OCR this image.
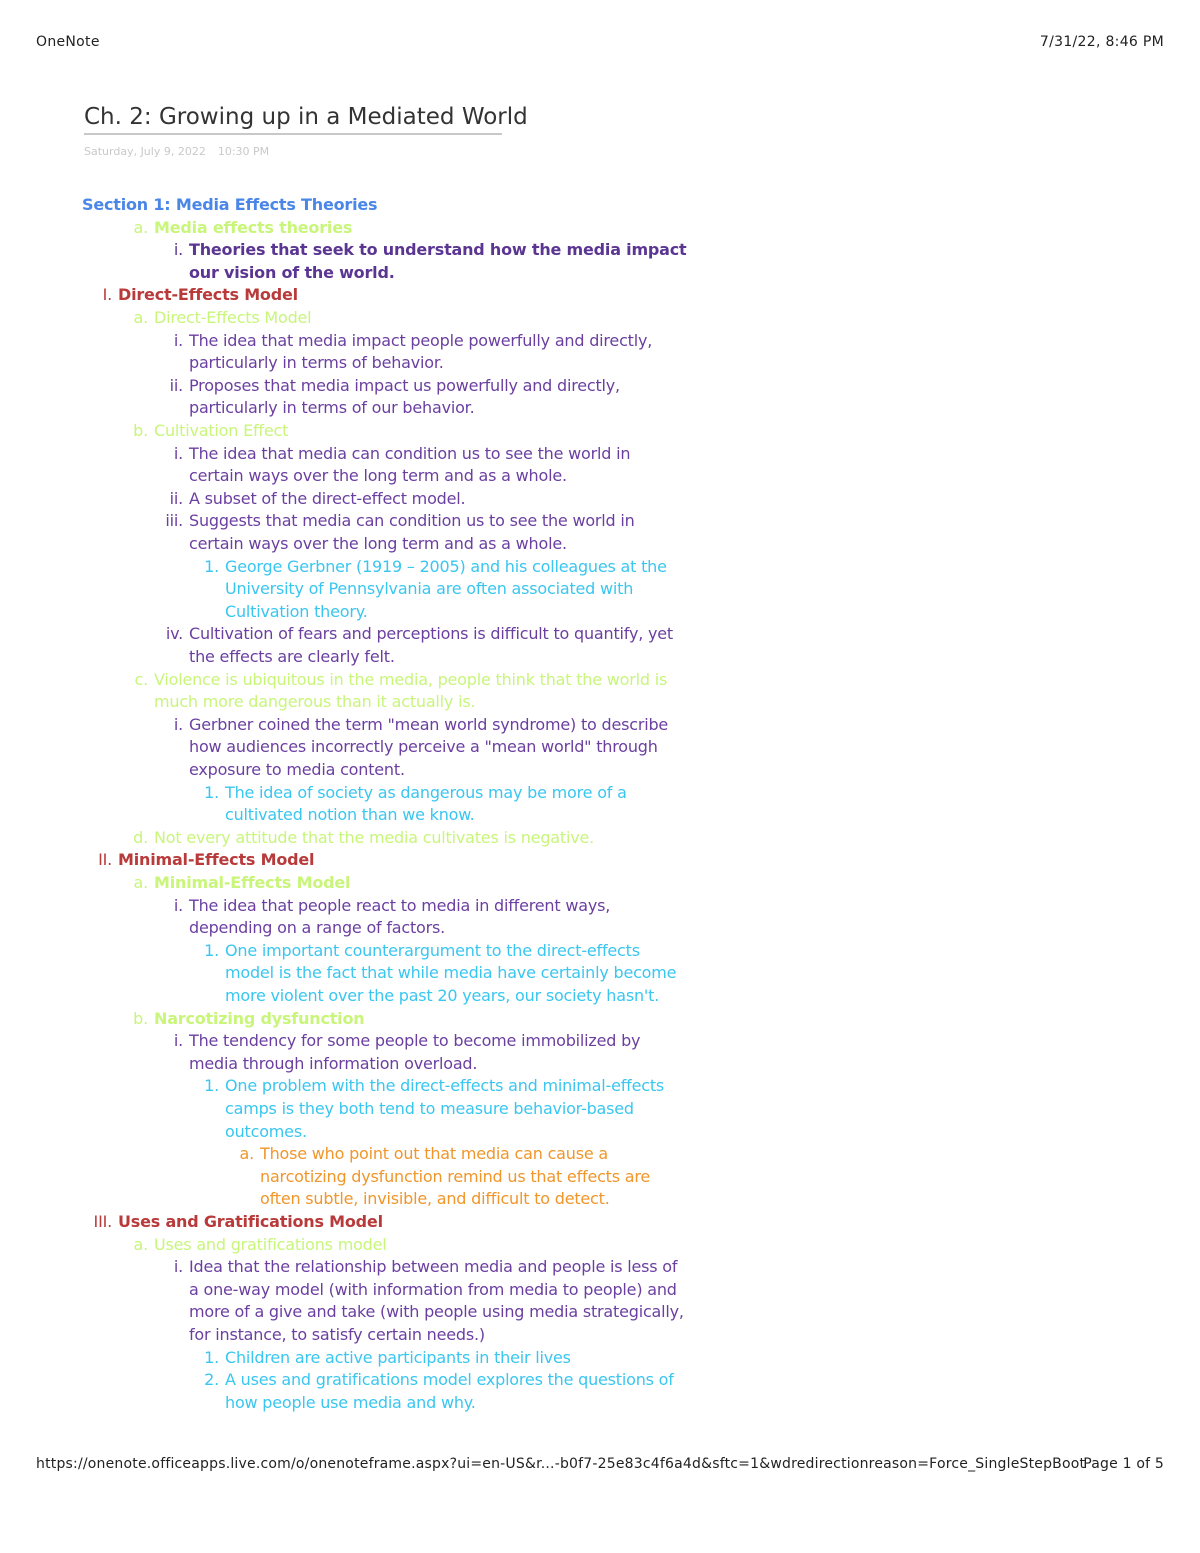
OneNote	7/31/22, 8:46 PM
Ch. 2: Growing up in a Mediated World
Saturday, July 9, 2022 10:30 PM
Section 1: Media Effects Theories
a. Media effects theories
i. Theories that seek to understand how the media impact
our vision of the world.
I. Direct-Effects Model
a. Direct-Effects Model
i. The idea that media impact people powerfully and directly,
particularly in terms of behavior.
ii. Proposes that media impact us powerfully and directly,
particularly in terms of our behavior.
b. Cultivation Effect
i. The idea that media can condition us to see the world in
certain ways over the long term and as a whole.
ii. A subset of the direct-effect model.
iii. Suggests that media can condition us to see the world in
certain ways over the long term and as a whole.
1. George Gerbner (1919 – 2005) and his colleagues at the
University of Pennsylvania are often associated with
Cultivation theory.
iv. Cultivation of fears and perceptions is difficult to quantify, yet
the effects are clearly felt.
c. Violence is ubiquitous in the media, people think that the world is
much more dangerous than it actually is.
i. Gerbner coined the term "mean world syndrome) to describe
how audiences incorrectly perceive a "mean world" through
exposure to media content.
1. The idea of society as dangerous may be more of a
cultivated notion than we know.
d. Not every attitude that the media cultivates is negative.
II. Minimal-Effects Model
a. Minimal-Effects Model
i. The idea that people react to media in different ways,
depending on a range of factors.
1. One important counterargument to the direct-effects
model is the fact that while media have certainly become
more violent over the past 20 years, our society hasn't.
b. Narcotizing dysfunction
i. The tendency for some people to become immobilized by
media through information overload.
1. One problem with the direct-effects and minimal-effects
camps is they both tend to measure behavior-based
outcomes.
a. Those who point out that media can cause a
narcotizing dysfunction remind us that effects are
often subtle, invisible, and difficult to detect.
III. Uses and Gratifications Model
a. Uses and gratifications model
i. Idea that the relationship between media and people is less of
a one-way model (with information from media to people) and
more of a give and take (with people using media strategically,
for instance, to satisfy certain needs.)
1. Children are active participants in their lives
2. A uses and gratifications model explores the questions of
how people use media and why.
https://onenote.officeapps.live.com/o/onenoteframe.aspx?ui=en-US&r...-b0f7-25e83c4f6a4d&sftc=1&wdredirectionreason=Force_SingleStepBoot
Page 1 of 5
